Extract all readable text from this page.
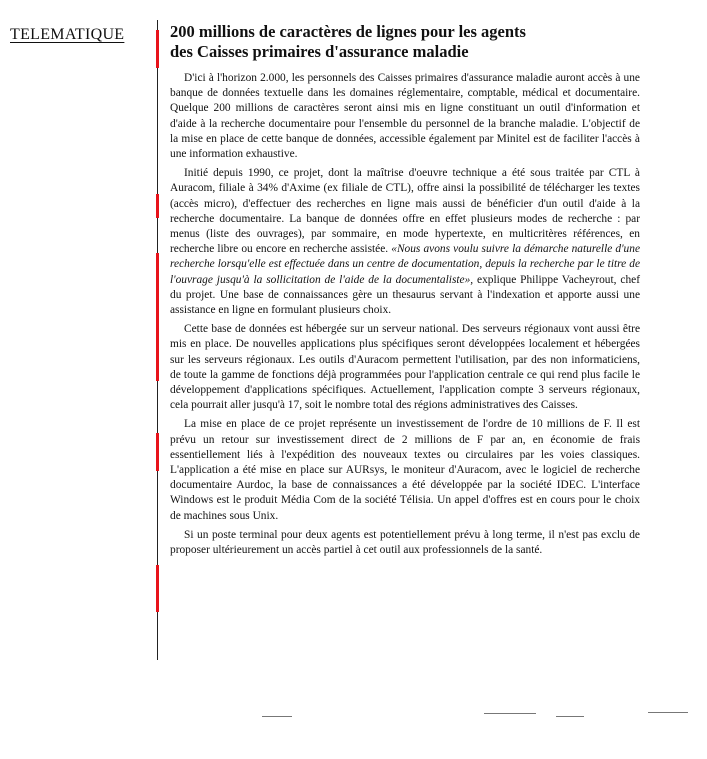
TELEMATIQUE	200 millions de caractères de lignes pour les agents
des Caisses primaires d'assurance maladie

D'ici à l'horizon 2.000, les personnels des Caisses primaires d'assurance maladie auront accès à une banque de données textuelle dans les domaines réglementaire, comptable, médical et documentaire. Quelque 200 millions de caractères seront ainsi mis en ligne constituant un outil d'information et d'aide à la recherche documentaire pour l'ensemble du personnel de la branche maladie. L'objectif de la mise en place de cette banque de données, accessible également par Minitel est de faciliter l'accès à une information exhaustive.

Initié depuis 1990, ce projet, dont la maîtrise d'oeuvre technique a été sous traitée par CTL à Auracom, filiale à 34% d'Axime (ex filiale de CTL), offre ainsi la possibilité de télécharger les textes (accès micro), d'effectuer des recherches en ligne mais aussi de bénéficier d'un outil d'aide à la recherche documentaire. La banque de données offre en effet plusieurs modes de recherche : par menus (liste des ouvrages), par sommaire, en mode hypertexte, en multicritères références, en recherche libre ou encore en recherche assistée. «Nous avons voulu suivre la démarche naturelle d'une recherche lorsqu'elle est effectuée dans un centre de documentation, depuis la recherche par le titre de l'ouvrage jusqu'à la sollicitation de l'aide de la documentaliste», explique Philippe Vacheyrout, chef du projet. Une base de connaissances gère un thesaurus servant à l'indexation et apporte aussi une assistance en ligne en formulant plusieurs choix.

Cette base de données est hébergée sur un serveur national. Des serveurs régionaux vont aussi être mis en place. De nouvelles applications plus spécifiques seront développées localement et hébergées sur les serveurs régionaux. Les outils d'Auracom permettent l'utilisation, par des non informaticiens, de toute la gamme de fonctions déjà programmées pour l'application centrale ce qui rend plus facile le développement d'applications spécifiques. Actuellement, l'application compte 3 serveurs régionaux, cela pourrait aller jusqu'à 17, soit le nombre total des régions administratives des Caisses.

La mise en place de ce projet représente un investissement de l'ordre de 10 millions de F. Il est prévu un retour sur investissement direct de 2 millions de F par an, en économie de frais essentiellement liés à l'expédition des nouveaux textes ou circulaires par les voies classiques. L'application a été mise en place sur AURsys, le moniteur d'Auracom, avec le logiciel de recherche documentaire Aurdoc, la base de connaissances a été développée par la société IDEC. L'interface Windows est le produit Média Com de la société Télisia. Un appel d'offres est en cours pour le choix de machines sous Unix.

Si un poste terminal pour deux agents est potentiellement prévu à long terme, il n'est pas exclu de proposer ultérieurement un accès partiel à cet outil aux professionnels de la santé.
